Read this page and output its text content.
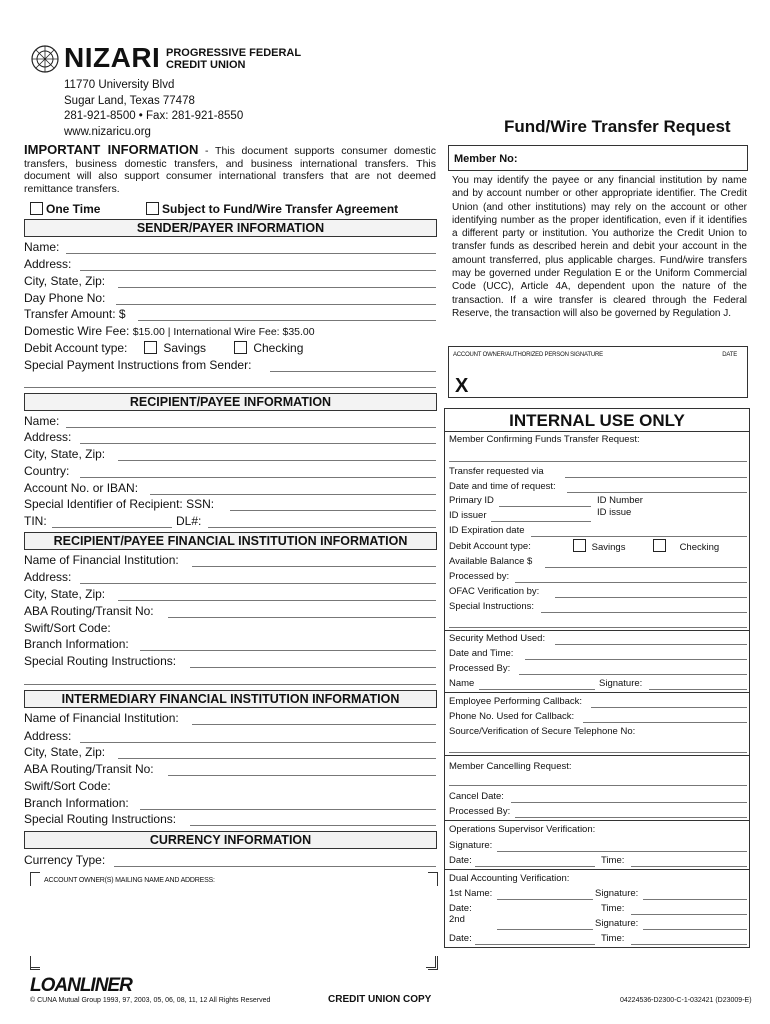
NIZARI PROGRESSIVE FEDERAL
CREDIT UNION
11770 University Blvd
Sugar Land, Texas 77478
281-921-8500 • Fax: 281-921-8550
www.nizaricu.org	Fund/Wire Transfer Request
IMPORTANT INFORMATION - This document supports consumer domestic transfers, business domestic transfers, and business international transfers. This document will also support consumer international transfers that are not deemed remittance transfers.
One Time	Subject to Fund/Wire Transfer Agreement
SENDER/PAYER INFORMATION
Name:
Address:
City, State, Zip:
Day Phone No:
Transfer Amount: $
Domestic Wire Fee: $15.00 | International Wire Fee: $35.00
Debit Account type:	Savings	Checking
Special Payment Instructions from Sender:
RECIPIENT/PAYEE INFORMATION
Name:
Address:
City, State, Zip:
Country:
Account No. or IBAN:
Special Identifier of Recipient: SSN:
TIN:	DL#:
RECIPIENT/PAYEE FINANCIAL INSTITUTION INFORMATION
Name of Financial Institution:
Address:
City, State, Zip:
ABA Routing/Transit No:
Swift/Sort Code:
Branch Information:
Special Routing Instructions:
INTERMEDIARY FINANCIAL INSTITUTION INFORMATION
Name of Financial Institution:
Address:
City, State, Zip:
ABA Routing/Transit No:
Swift/Sort Code:
Branch Information:
Special Routing Instructions:
CURRENCY INFORMATION
Currency Type:
ACCOUNT OWNER(S) MAILING NAME AND ADDRESS:
Member No:
You may identify the payee or any financial institution by name and by account number or other appropriate identifier. The Credit Union (and other institutions) may rely on the account or other identifying number as the proper identification, even if it identifies a different party or institution. You authorize the Credit Union to transfer funds as described herein and debit your account in the amount transferred, plus applicable charges. Fund/wire transfers may be governed under Regulation E or the Uniform Commercial Code (UCC), Article 4A, dependent upon the nature of the transaction. If a wire transfer is cleared through the Federal Reserve, the transaction will also be governed by Regulation J.
ACCOUNT OWNER/AUTHORIZED PERSON SIGNATURE	DATE
X
INTERNAL USE ONLY
Member Confirming Funds Transfer Request:
Transfer requested via
Date and time of request:
Primary ID	ID Number
ID issuer	ID issue
ID Expiration date
Debit Account type:	Savings	Checking
Available Balance $
Processed by:
OFAC Verification by:
Special Instructions:
Security Method Used:
Date and Time:
Processed By:
Name	Signature:
Employee Performing Callback:
Phone No. Used for Callback:
Source/Verification of Secure Telephone No:
Member Cancelling Request:
Cancel Date:
Processed By:
Operations Supervisor Verification:
Signature:
Date:	Time:
Dual Accounting Verification:
1st Name:	Signature:
Date:	Time:
2nd	Signature:
Date:	Time:
LOANLINER
© CUNA Mutual Group 1993, 97, 2003, 05, 06, 08, 11, 12 All Rights Reserved	CREDIT UNION COPY	04224536-D2300-C-1-032421 (D23009-E)
